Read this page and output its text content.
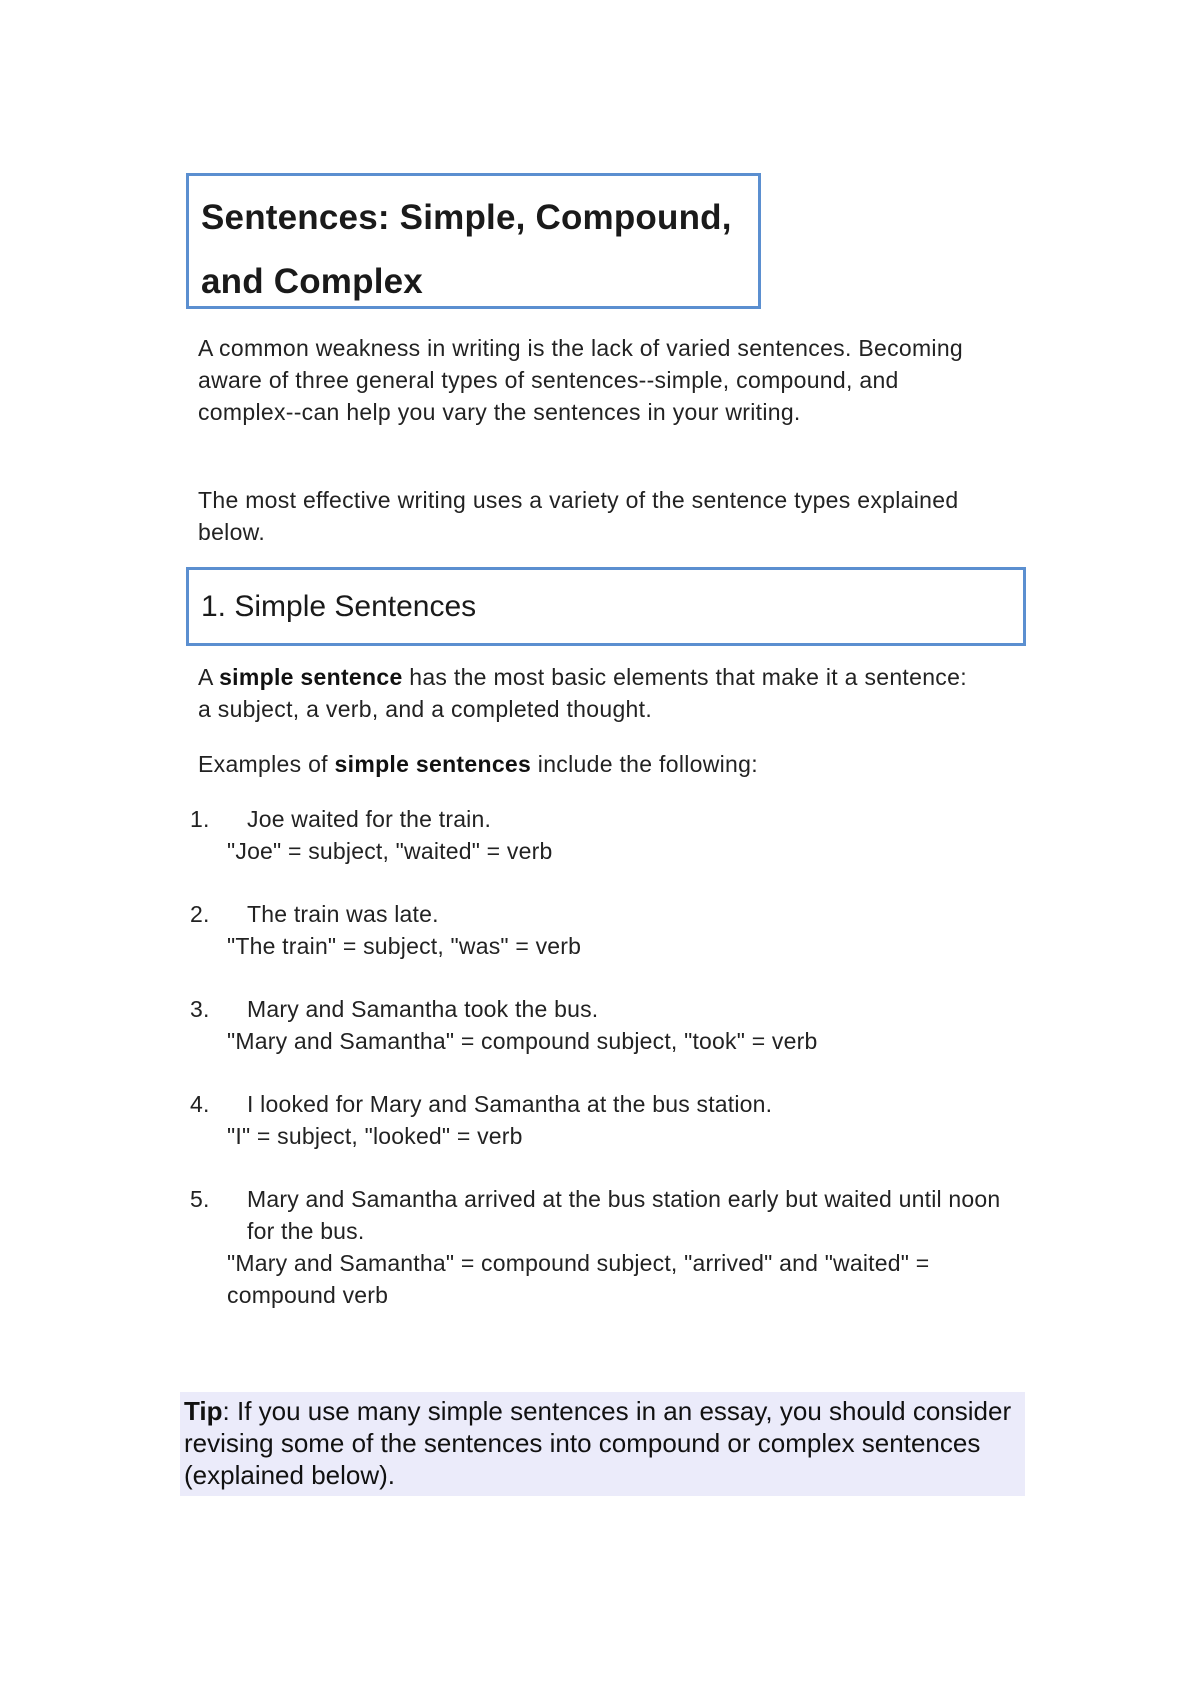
Sentences: Simple, Compound,
and Complex

A common weakness in writing is the lack of varied sentences. Becoming aware of three general types of sentences--simple, compound, and complex--can help you vary the sentences in your writing.

The most effective writing uses a variety of the sentence types explained below.

1. Simple Sentences

A simple sentence has the most basic elements that make it a sentence: a subject, a verb, and a completed thought.

Examples of simple sentences include the following:

1.	Joe waited for the train.
"Joe" = subject, "waited" = verb
2.	The train was late.
"The train" = subject, "was" = verb
3.	Mary and Samantha took the bus.
"Mary and Samantha" = compound subject, "took" = verb
4.	I looked for Mary and Samantha at the bus station.
"I" = subject, "looked" = verb
5.	Mary and Samantha arrived at the bus station early but waited until noon for the bus.
"Mary and Samantha" = compound subject, "arrived" and "waited" = compound verb
Tip: If you use many simple sentences in an essay, you should consider revising some of the sentences into compound or complex sentences (explained below).
